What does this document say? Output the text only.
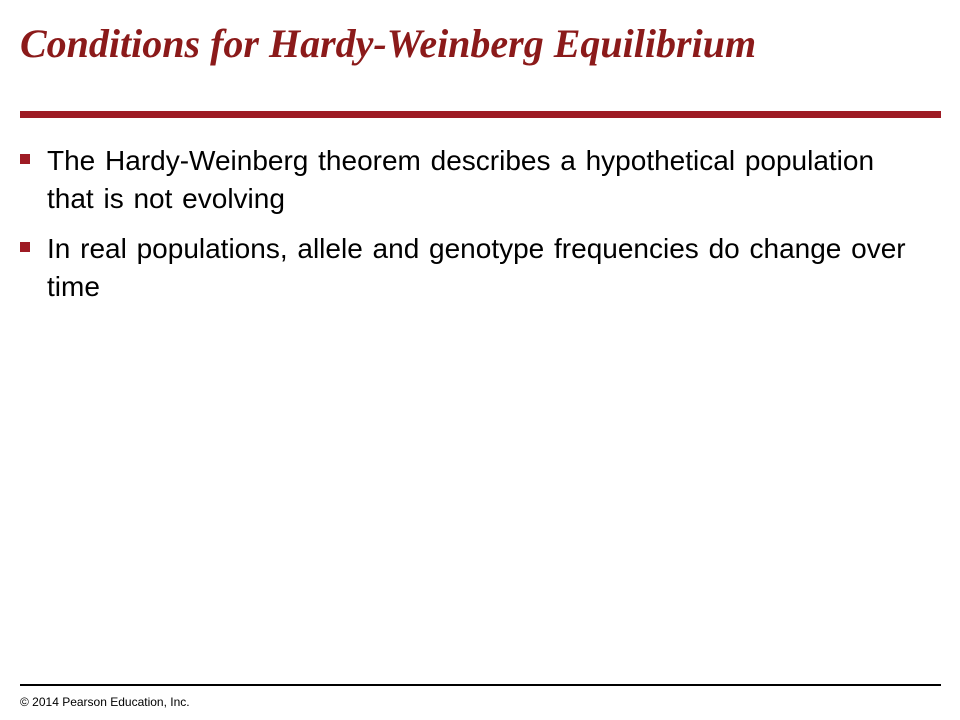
Conditions for Hardy-Weinberg Equilibrium
The Hardy-Weinberg theorem describes a hypothetical population that is not evolving
In real populations, allele and genotype frequencies do change over time
© 2014 Pearson Education, Inc.
